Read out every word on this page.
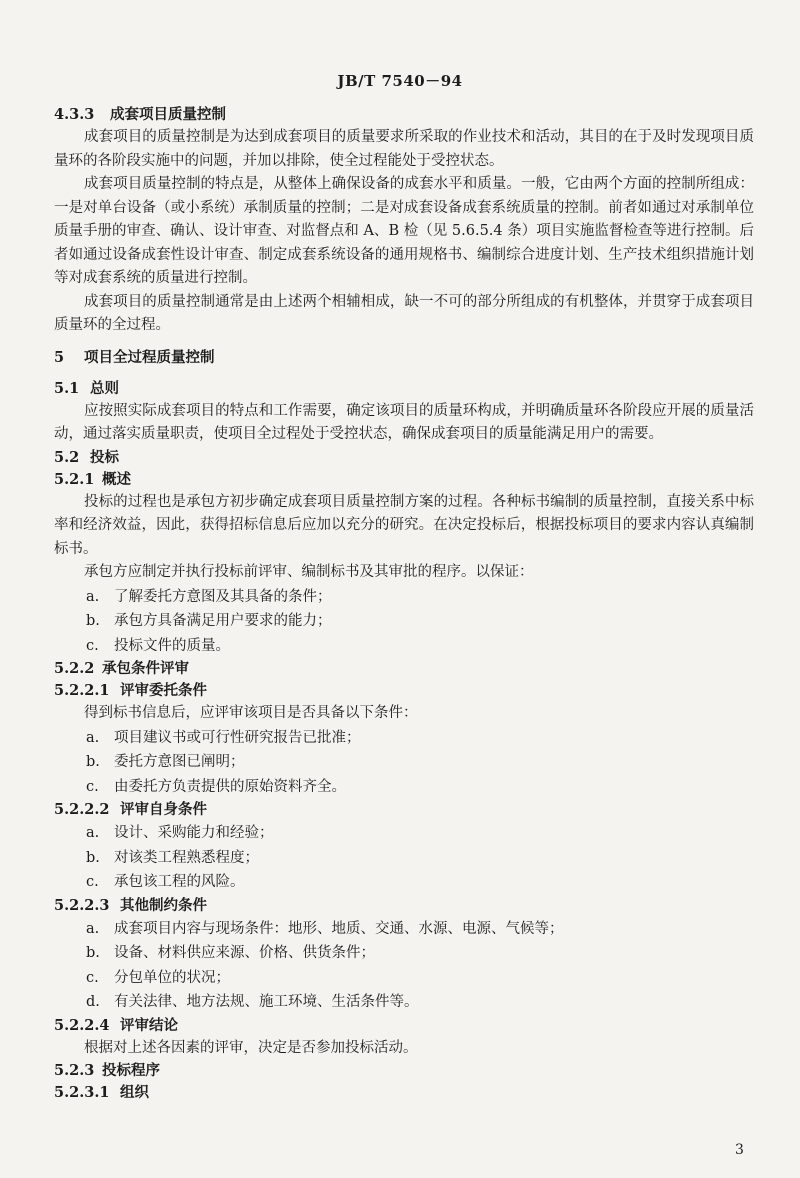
JB/T 7540－94
4.3.3 成套项目质量控制

成套项目的质量控制是为达到成套项目的质量要求所采取的作业技术和活动，其目的在于及时发现项目质量环的各阶段实施中的问题，并加以排除，使全过程能处于受控状态。

成套项目质量控制的特点是，从整体上确保设备的成套水平和质量。一般，它由两个方面的控制所组成：一是对单台设备（或小系统）承制质量的控制；二是对成套设备成套系统质量的控制。前者如通过对承制单位质量手册的审查、确认、设计审查、对监督点和 A、B 检（见 5.6.5.4 条）项目实施监督检查等进行控制。后者如通过设备成套性设计审查、制定成套系统设备的通用规格书、编制综合进度计划、生产技术组织措施计划等对成套系统的质量进行控制。

成套项目的质量控制通常是由上述两个相辅相成，缺一不可的部分所组成的有机整体，并贯穿于成套项目质量环的全过程。

5 项目全过程质量控制
5.1 总则

应按照实际成套项目的特点和工作需要，确定该项目的质量环构成，并明确质量环各阶段应开展的质量活动，通过落实质量职责，使项目全过程处于受控状态，确保成套项目的质量能满足用户的需要。

5.2 投标
5.2.1 概述

投标的过程也是承包方初步确定成套项目质量控制方案的过程。各种标书编制的质量控制，直接关系中标率和经济效益，因此，获得招标信息后应加以充分的研究。在决定投标后，根据投标项目的要求内容认真编制标书。

承包方应制定并执行投标前评审、编制标书及其审批的程序。以保证：

a. 了解委托方意图及其具备的条件；
b. 承包方具备满足用户要求的能力；
c. 投标文件的质量。
5.2.2 承包条件评审
5.2.2.1 评审委托条件

得到标书信息后，应评审该项目是否具备以下条件：

a. 项目建议书或可行性研究报告已批准；
b. 委托方意图已阐明；
c. 由委托方负责提供的原始资料齐全。
5.2.2.2 评审自身条件
a. 设计、采购能力和经验；
b. 对该类工程熟悉程度；
c. 承包该工程的风险。
5.2.2.3 其他制约条件
a. 成套项目内容与现场条件：地形、地质、交通、水源、电源、气候等；
b. 设备、材料供应来源、价格、供货条件；
c. 分包单位的状况；
d. 有关法律、地方法规、施工环境、生活条件等。
5.2.2.4 评审结论

根据对上述各因素的评审，决定是否参加投标活动。

5.2.3 投标程序
5.2.3.1 组织
3
